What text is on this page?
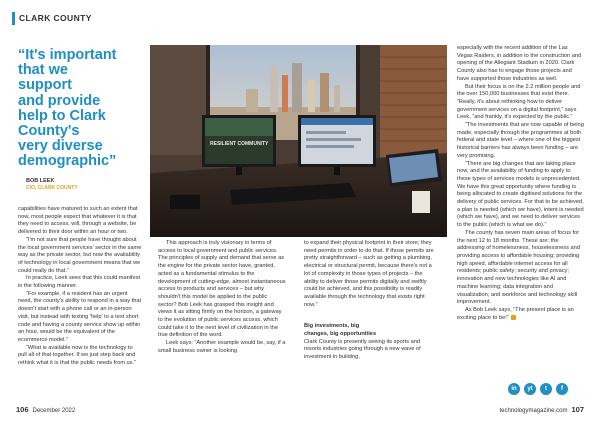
CLARK COUNTY
“It's important
that we
support
and provide
help to Clark
County's
very diverse
demographic”
BOB LEEK
CIO, CLARK COUNTY
RESILIENT COMMUNITY

capabilities have matured to such an extent that now, most people expect that whatever it is that they need to access, will, through a website, be delivered to their door within an hour or two.

“I'm not sure that people have thought about the local government services' sector in the same way as the private sector, but now the availability of technology in local government means that we could really do that.”

In practice, Leek sees that this could manifest in the following manner.

“For example, if a resident has an urgent need, the county's ability to respond in a way that doesn't start with a phone call or an in-person visit, but instead with texting 'help' to a text short code and having a county service show up within an hour, would be the equivalent of the ecommerce model.”

“What is available now is the technology to pull all of that together. If we just step back and rethink what it is that the public needs from us.”

This approach is truly visionary in terms of access to local government and public services. The principles of supply and demand that serve as the engine for the private sector have, granted, acted as a fundamental stimulus to the development of cutting-edge, almost instantaneous access to products and services – but why shouldn't this model be applied to the public sector? Bob Leek has grasped this insight and views it as sitting firmly on the horizon, a gateway to the evolution of public services access, which could take it to the next level of civilization in the true definition of the word.

Leek says: “Another example would be, say, if a small business owner is looking

to expand their physical footprint in their store; they need permits in order to do that. If those permits are pretty straightforward – such as getting a plumbing, electrical or structural permit, because there's not a lot of complexity in those types of projects – the ability to deliver those permits digitally and swiftly could be achieved, and this possibility is readily available through the technology that exists right now.”

Big investments, big
changes, big opportunities

Clark County is presently seeing its sports and resorts industries going through a new wave of investment in building,

especially with the recent addition of the Las Vegas Raiders, in addition to the construction and opening of the Allegiant Stadium in 2020. Clark County also has to engage those projects and have supported those industries as well.

But their focus is on the 2.2 million people and the over 150,000 businesses that exist there. “Really, it's about rethinking how to deliver government services on a digital footprint,” says Leek, “and frankly, it's expected by the public.”

“The investments that are now capable of being made, especially through the programmes at both federal and state level – where one of the biggest historical barriers has always been funding – are very promising.

“There are big changes that are taking place now, and the availability of funding to apply to these types of services models is unprecedented. We have this great opportunity where funding is being allocated to create digitised solutions for the delivery of public services. For that to be achieved, a plan is needed (which we have), intent is needed (which we have), and we need to deliver services to the public (which is what we do).”

The county has seven main areas of focus for the next 12 to 18 months. These are: the addressing of homelessness, houselessness and providing access to affordable housing; providing high speed, affordable internet access for all residents; public safety; security and privacy; innovation and new technologies like AI and machine learning; data integration and visualization; and workforce and technology skill improvement.

As Bob Leek says, “The present place is an exciting place to be!”

in	yt	t	f
106 December 2022	technologymagazine.com 107
